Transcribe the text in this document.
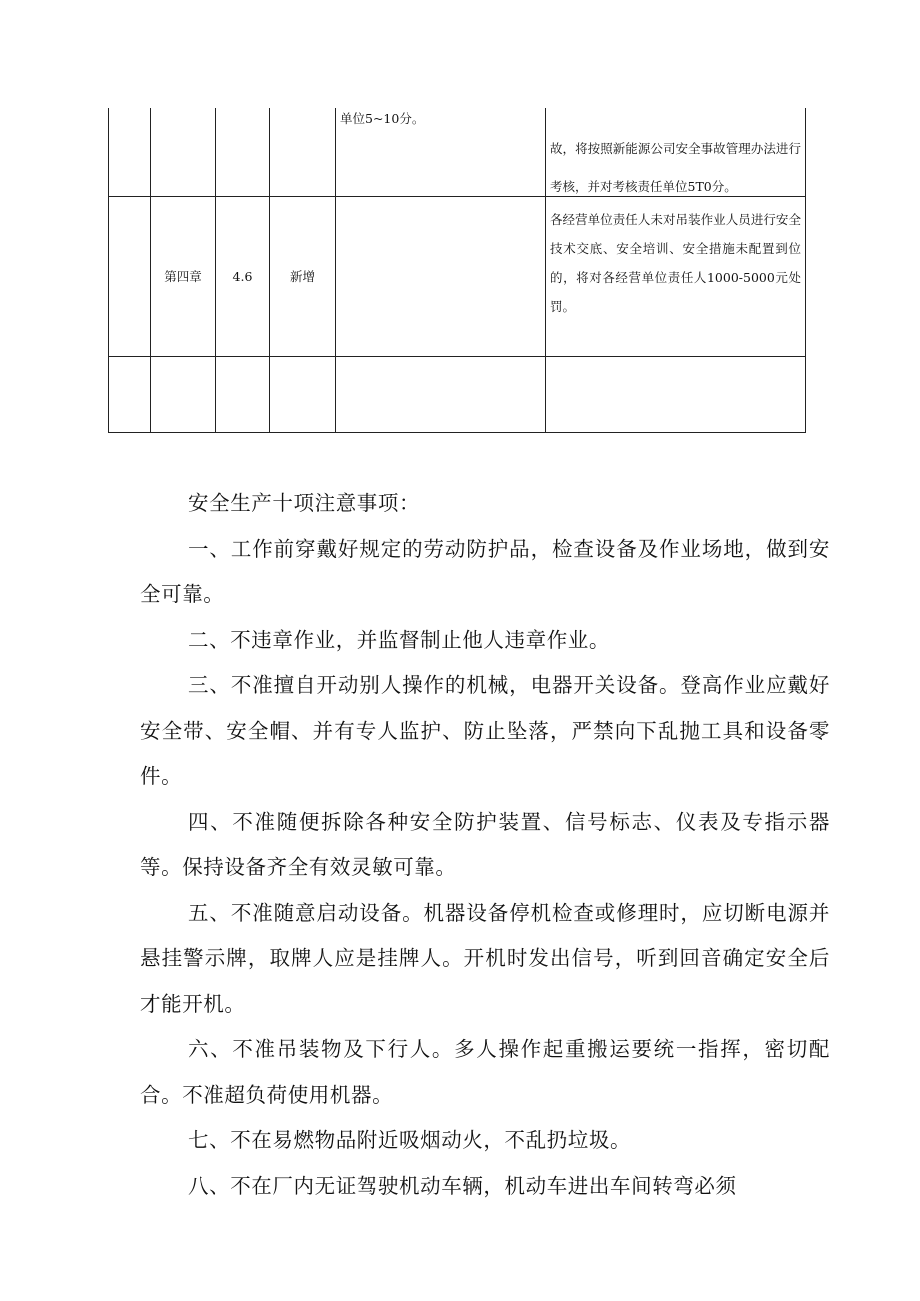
单位5~10分。
故，将按照新能源公司安全事故管理办法进行考核，并对考核责任单位5T0分。
第四章 4.6	新增
各经营单位责任人未对吊装作业人员进行安全技术交底、安全培训、安全措施未配置到位的，将对各经营单位责任人1000-5000元处罚。

安全生产十项注意事项：

一、工作前穿戴好规定的劳动防护品，检查设备及作业场地，做到安全可靠。

二、不违章作业，并监督制止他人违章作业。

三、不准擅自开动别人操作的机械，电器开关设备。登高作业应戴好安全带、安全帽、并有专人监护、防止坠落，严禁向下乱抛工具和设备零件。

四、不准随便拆除各种安全防护装置、信号标志、仪表及专指示器等。保持设备齐全有效灵敏可靠。

五、不准随意启动设备。机器设备停机检查或修理时，应切断电源并悬挂警示牌，取牌人应是挂牌人。开机时发出信号，听到回音确定安全后才能开机。

六、不准吊装物及下行人。多人操作起重搬运要统一指挥，密切配合。不准超负荷使用机器。

七、不在易燃物品附近吸烟动火，不乱扔垃圾。

八、不在厂内无证驾驶机动车辆，机动车进出车间转弯必须
